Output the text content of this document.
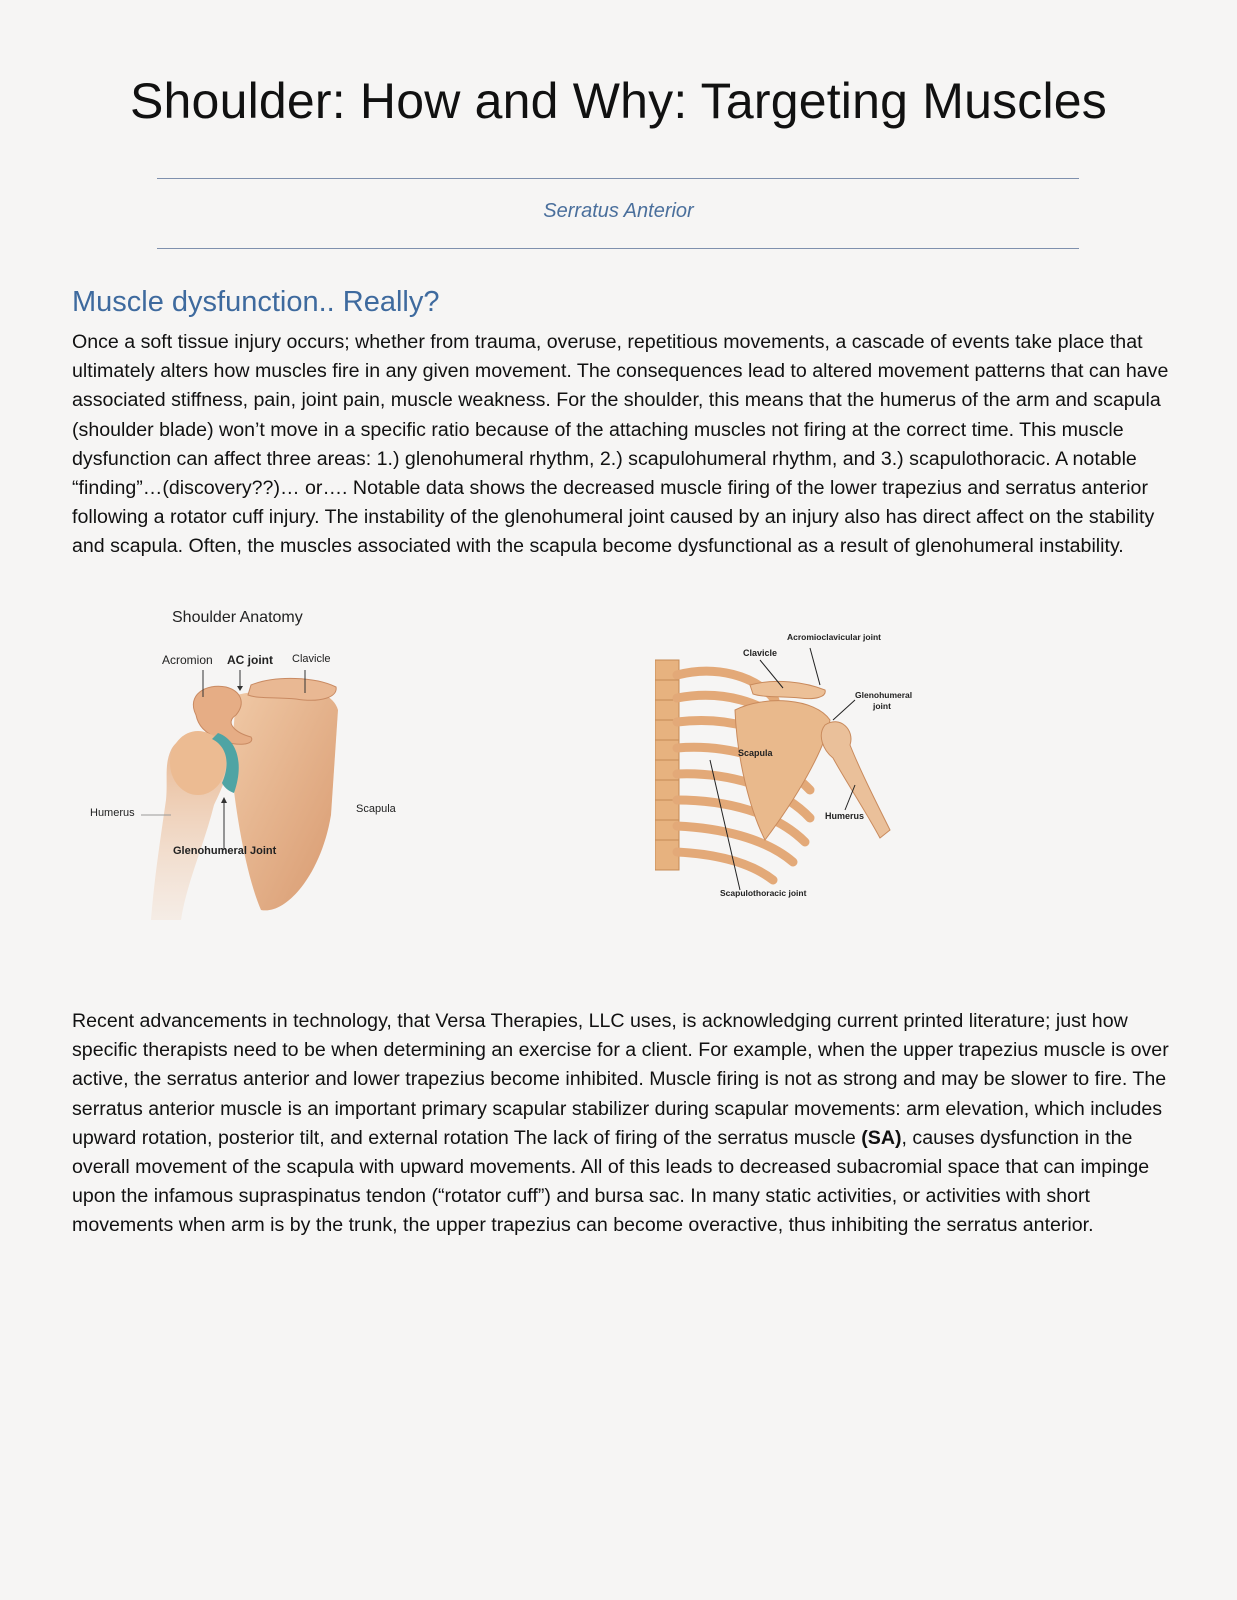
Shoulder: How and Why: Targeting Muscles
Serratus Anterior
Muscle dysfunction.. Really?

Once a soft tissue injury occurs; whether from trauma, overuse, repetitious movements, a cascade of events take place that ultimately alters how muscles fire in any given movement. The consequences lead to altered movement patterns that can have associated stiffness, pain, joint pain, muscle weakness. For the shoulder, this means that the humerus of the arm and scapula (shoulder blade) won’t move in a specific ratio because of the attaching muscles not firing at the correct time. This muscle dysfunction can affect three areas: 1.) glenohumeral rhythm, 2.) scapulohumeral rhythm, and 3.) scapulothoracic. A notable “finding”…(discovery??)… or…. Notable data shows the decreased muscle firing of the lower trapezius and serratus anterior following a rotator cuff injury. The instability of the glenohumeral joint caused by an injury also has direct affect on the stability and scapula. Often, the muscles associated with the scapula become dysfunctional as a result of glenohumeral instability.

Shoulder Anatomy
Acromion AC joint Clavicle
Humerus	Scapula
Glenohumeral Joint
Clavicle
Acromioclavicular joint
Glenohumeral
joint
Scapula
Humerus
Scapulothoracic joint

Recent advancements in technology, that Versa Therapies, LLC uses, is acknowledging current printed literature; just how specific therapists need to be when determining an exercise for a client. For example, when the upper trapezius muscle is over active, the serratus anterior and lower trapezius become inhibited. Muscle firing is not as strong and may be slower to fire. The serratus anterior muscle is an important primary scapular stabilizer during scapular movements: arm elevation, which includes upward rotation, posterior tilt, and external rotation The lack of firing of the serratus muscle (SA), causes dysfunction in the overall movement of the scapula with upward movements. All of this leads to decreased subacromial space that can impinge upon the infamous supraspinatus tendon (“rotator cuff”) and bursa sac. In many static activities, or activities with short movements when arm is by the trunk, the upper trapezius can become overactive, thus inhibiting the serratus anterior.
